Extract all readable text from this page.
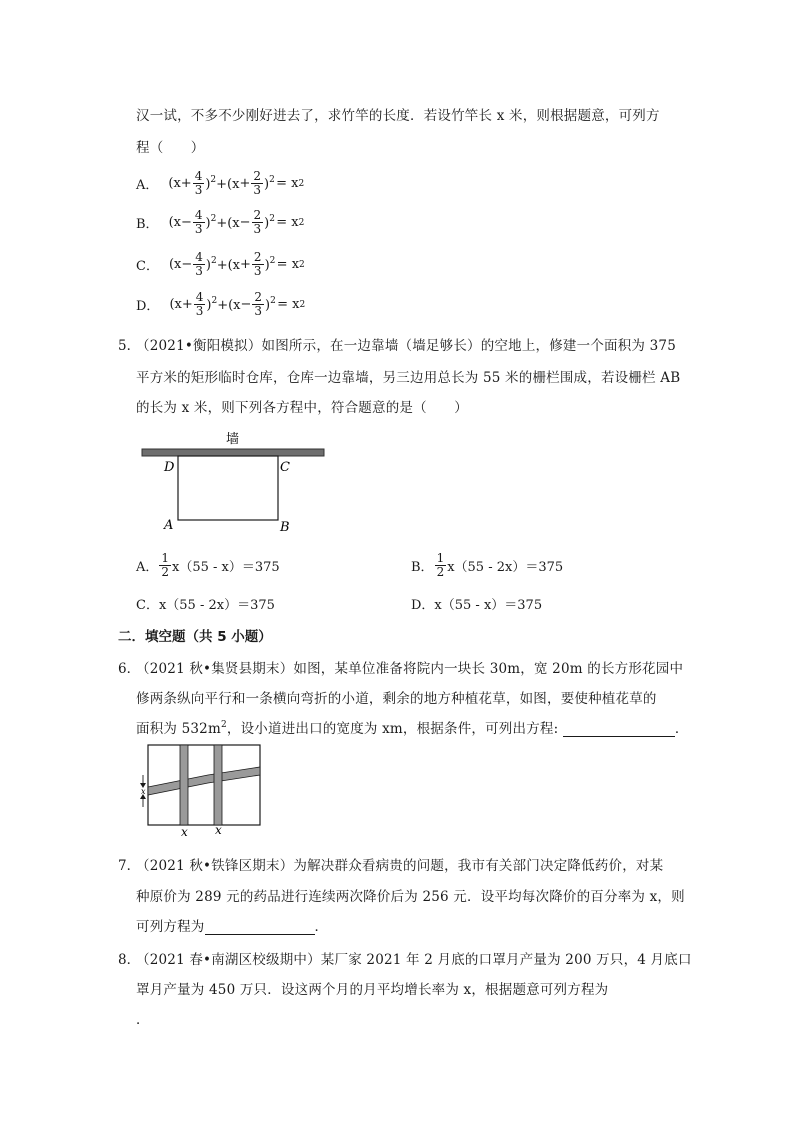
汉一试，不多不少刚好进去了，求竹竿的长度．若设竹竿长 x 米，则根据题意，可列方
程（　　）
A． $(x + \frac{4}{3} )^2+(x + \frac{2}{3} )^2$  = x 2
B． $(x - \frac{4}{3} )^2+(x - \frac{2}{3} )^2$  = x 2
C． $(x - \frac{4}{3} )^2+(x + \frac{2}{3} )^2$  = x 2
D． $(x + \frac{4}{3} )^2+(x - \frac{2}{3} )^2$  = x 2
5．
（2021•衡阳模拟）如图所示，在一边靠墙（墙足够长）的空地上，修建一个面积为 375
平方米的矩形临时仓库，仓库一边靠墙，另三边用总长为 55 米的栅栏围成，若设栅栏 AB
的长为 x 米，则下列各方程中，符合题意的是（　　）
墙
D	C
A	B
A． $\frac{1}{2} x(55 - x)=375$	B． $\frac{1}{2} x(55 - 2x)=375$
C．x（55 - 2x）＝375	D．x（55 - x）＝375
二．填空题（共 5 小题）
6．
（2021 秋•集贤县期末）如图，某单位准备将院内一块长 30m，宽 20m 的长方形花园中
修两条纵向平行和一条横向弯折的小道，剩余的地方种植花草，如图，要使种植花草的
面积为 $532m^2$，设小道进出口的宽度为 xm，根据条件，可列出方程:	．
x
x x
7．
（2021 秋•铁锋区期末）为解决群众看病贵的问题，我市有关部门决定降低药价，对某
种原价为 289 元的药品进行连续两次降价后为 256 元．设平均每次降价的百分率为 x，则
可列方程为	．
8．
（2021 春•南湖区校级期中）某厂家 2021 年 2 月底的口罩月产量为 200 万只，4 月底口
罩月产量为 450 万只．设这两个月的月平均增长率为 x，根据题意可列方程为
．
